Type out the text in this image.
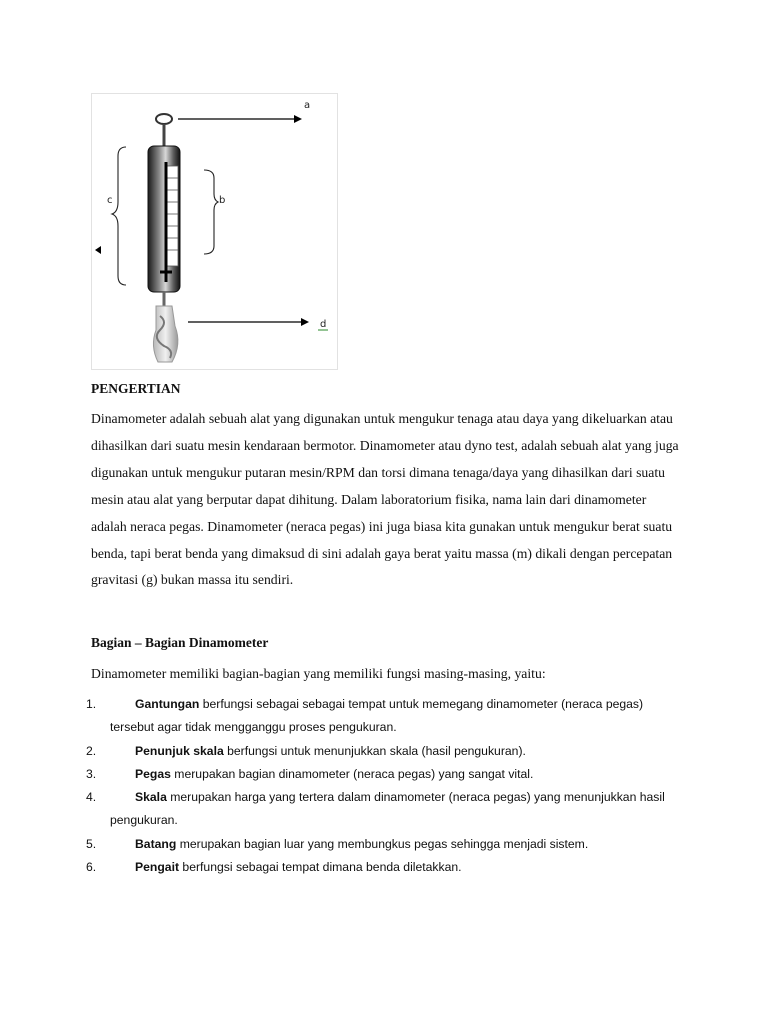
a
c	b
d
PENGERTIAN

Dinamometer adalah sebuah alat yang digunakan untuk mengukur tenaga atau daya yang dikeluarkan atau dihasilkan dari suatu mesin kendaraan bermotor. Dinamometer atau dyno test, adalah sebuah alat yang juga digunakan untuk mengukur putaran mesin/RPM dan torsi dimana tenaga/daya yang dihasilkan dari suatu mesin atau alat yang berputar dapat dihitung. Dalam laboratorium fisika, nama lain dari dinamometer adalah neraca pegas. Dinamometer (neraca pegas) ini juga biasa kita gunakan untuk mengukur berat suatu benda, tapi berat benda yang dimaksud di sini adalah gaya berat yaitu massa (m) dikali dengan percepatan gravitasi (g) bukan massa itu sendiri.

Bagian – Bagian Dinamometer

Dinamometer memiliki bagian-bagian yang memiliki fungsi masing-masing, yaitu:

1.	Gantungan berfungsi sebagai sebagai tempat untuk memegang dinamometer (neraca pegas) tersebut agar tidak mengganggu proses pengukuran.
2.	Penunjuk skala berfungsi untuk menunjukkan skala (hasil pengukuran).
3.	Pegas merupakan bagian dinamometer (neraca pegas) yang sangat vital.
4.	Skala merupakan harga yang tertera dalam dinamometer (neraca pegas) yang menunjukkan hasil pengukuran.
5.	Batang merupakan bagian luar yang membungkus pegas sehingga menjadi sistem.
6.	Pengait berfungsi sebagai tempat dimana benda diletakkan.
